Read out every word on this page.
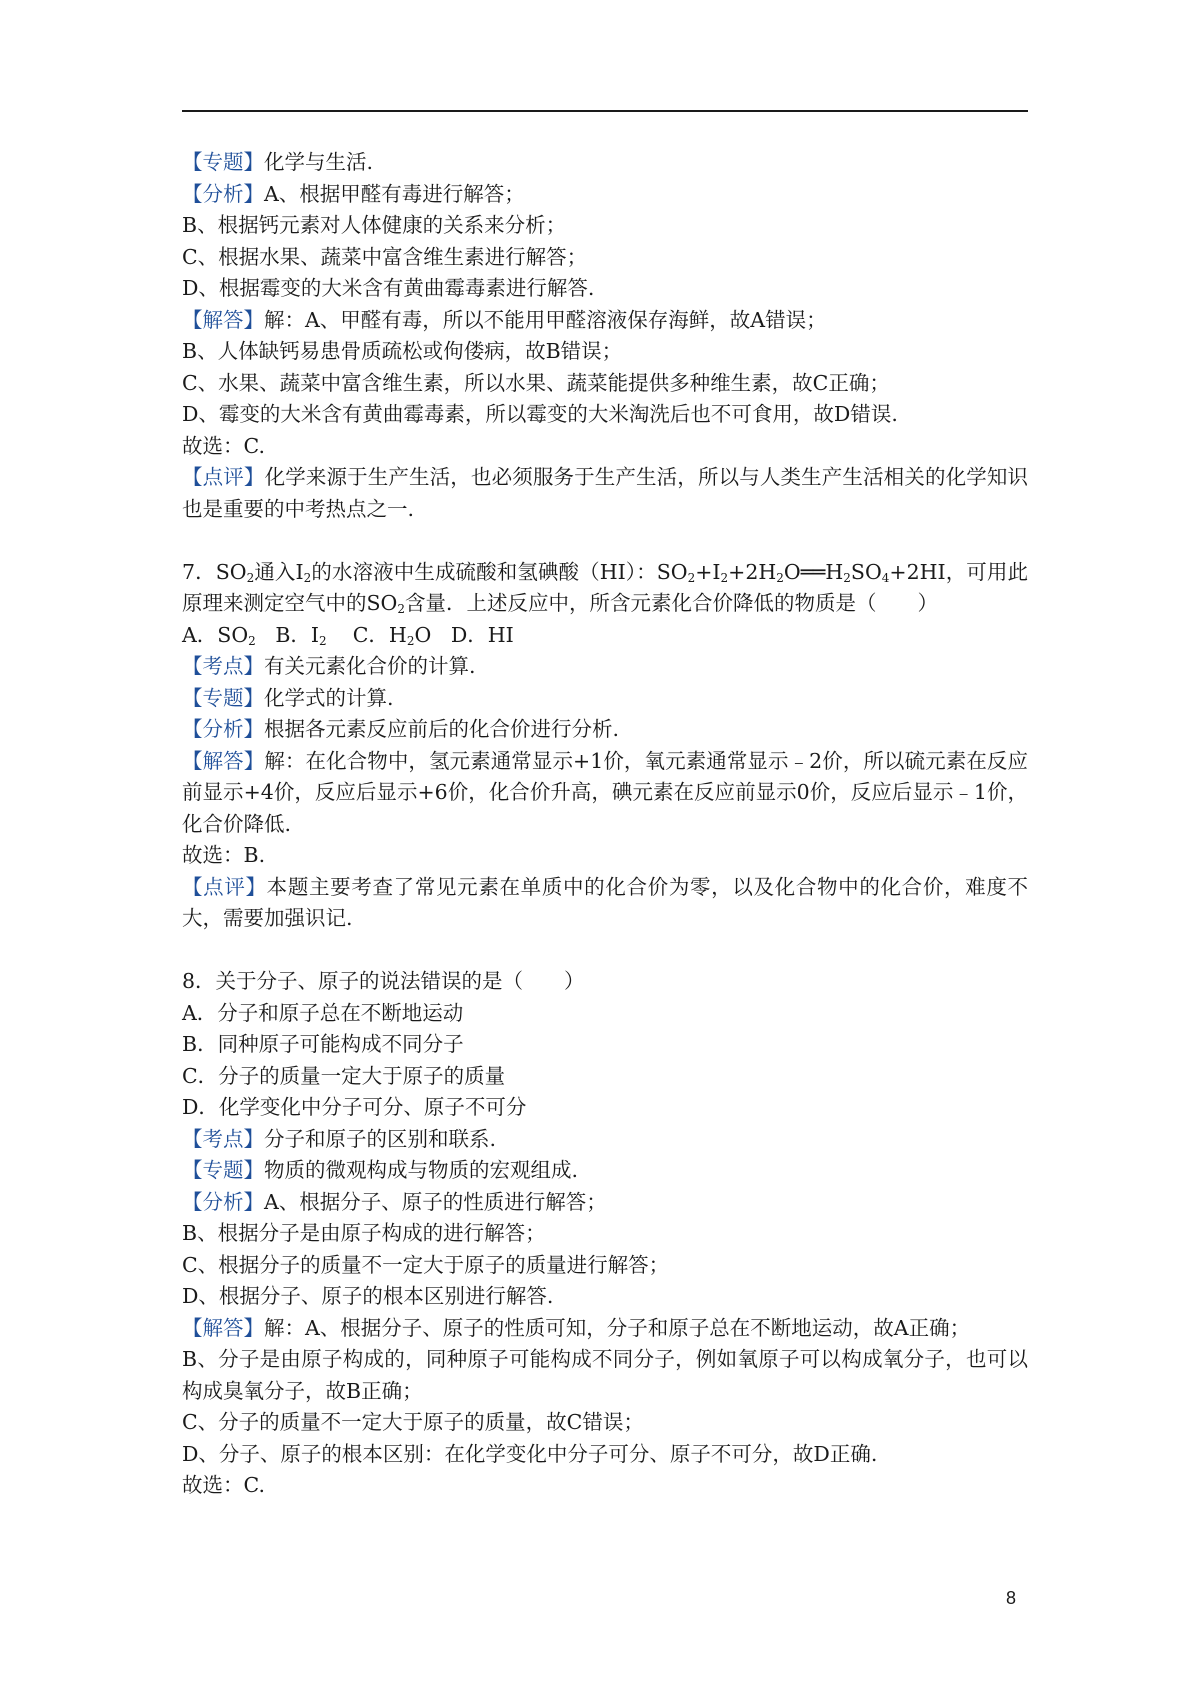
【专题】化学与生活.
【分析】A、根据甲醛有毒进行解答；
B、根据钙元素对人体健康的关系来分析；
C、根据水果、蔬菜中富含维生素进行解答；
D、根据霉变的大米含有黄曲霉毒素进行解答.
【解答】解：A、甲醛有毒，所以不能用甲醛溶液保存海鲜，故A错误；
B、人体缺钙易患骨质疏松或佝偻病，故B错误；
C、水果、蔬菜中富含维生素，所以水果、蔬菜能提供多种维生素，故C正确；
D、霉变的大米含有黄曲霉毒素，所以霉变的大米淘洗后也不可食用，故D错误.
故选：C.
【点评】化学来源于生产生活，也必须服务于生产生活，所以与人类生产生活相关的化学知识也是重要的中考热点之一.
7．$SO_2$通入$I_2$的水溶液中生成硫酸和氢碘酸（HI）：$SO_2+I_2+2H_2O══H_2SO_4+2HI$，可用此原理来测定空气中的$SO_2$含量．上述反应中，所含元素化合价降低的物质是（　　）
A．$SO_2$ B．$I_2$ C．$H_2O$ D．HI
【考点】有关元素化合价的计算.
【专题】化学式的计算.
【分析】根据各元素反应前后的化合价进行分析.
【解答】解：在化合物中，氢元素通常显示+1价，氧元素通常显示﹣2价，所以硫元素在反应前显示+4价，反应后显示+6价，化合价升高，碘元素在反应前显示0价，反应后显示﹣1价，化合价降低.
故选：B.
【点评】本题主要考查了常见元素在单质中的化合价为零，以及化合物中的化合价，难度不大，需要加强识记.
8．关于分子、原子的说法错误的是（　　）
A．分子和原子总在不断地运动
B．同种原子可能构成不同分子
C．分子的质量一定大于原子的质量
D．化学变化中分子可分、原子不可分
【考点】分子和原子的区别和联系.
【专题】物质的微观构成与物质的宏观组成.
【分析】A、根据分子、原子的性质进行解答；
B、根据分子是由原子构成的进行解答；
C、根据分子的质量不一定大于原子的质量进行解答；
D、根据分子、原子的根本区别进行解答.
【解答】解：A、根据分子、原子的性质可知，分子和原子总在不断地运动，故A正确；
B、分子是由原子构成的，同种原子可能构成不同分子，例如氧原子可以构成氧分子，也可以构成臭氧分子，故B正确；
C、分子的质量不一定大于原子的质量，故C错误；
D、分子、原子的根本区别：在化学变化中分子可分、原子不可分，故D正确.
故选：C.
8
